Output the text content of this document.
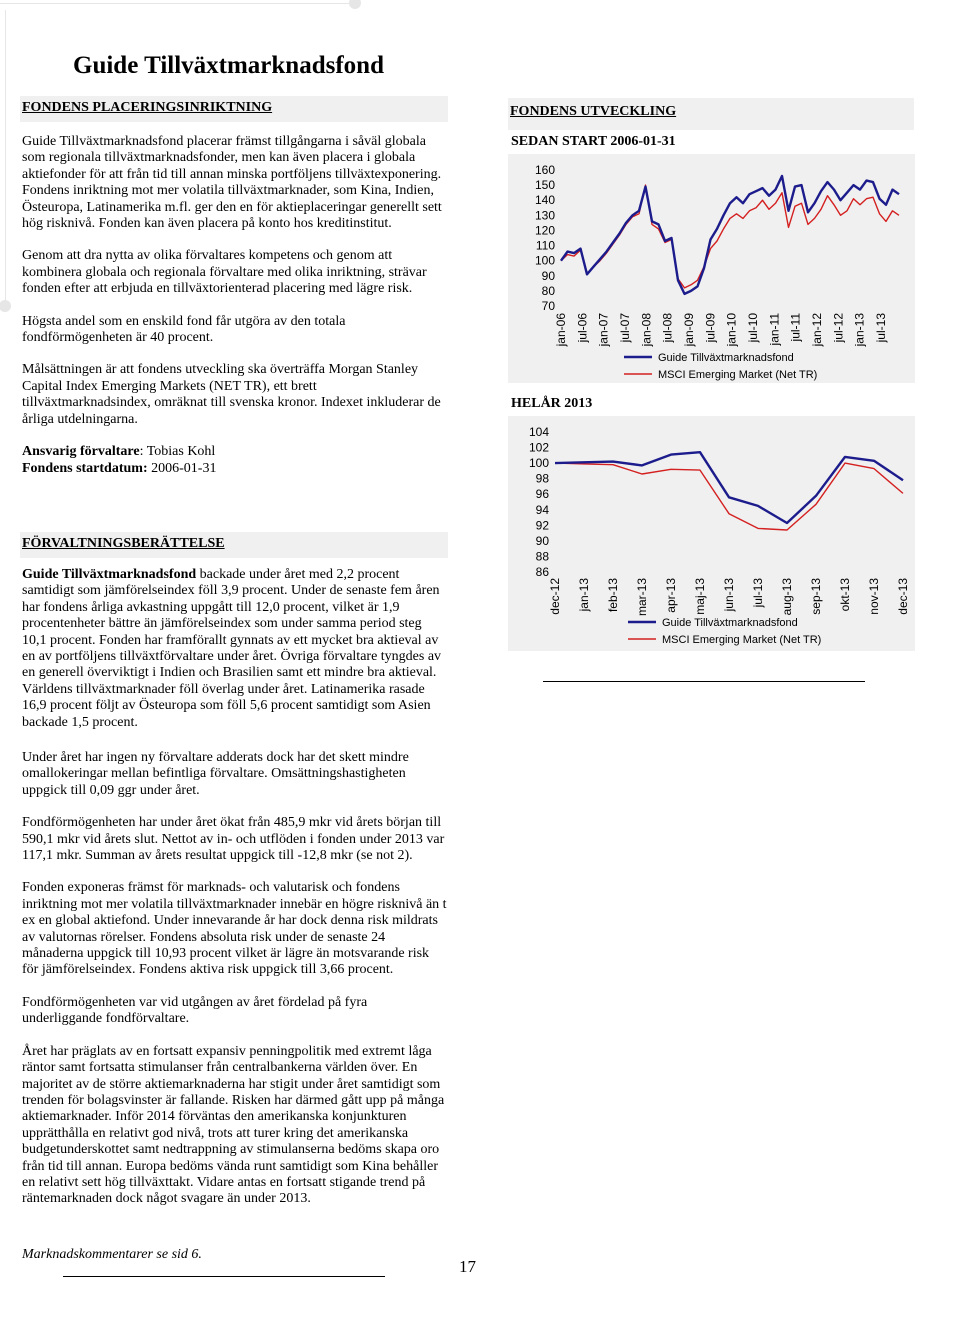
Guide Tillväxtmarknadsfond
FONDENS PLACERINGSINRIKTNING

Guide Tillväxtmarknadsfond placerar främst tillgångarna i såväl globala som regionala tillväxtmarknadsfonder, men kan även placera i globala aktiefonder för att från tid till annan minska portföljens tillväxtexponering. Fondens inriktning mot mer volatila tillväxtmarknader, som Kina, Indien, Östeuropa, Latinamerika m.fl. ger den en för aktieplaceringar generellt sett hög risknivå. Fonden kan även placera på konto hos kreditinstitut.

Genom att dra nytta av olika förvaltares kompetens och genom att kombinera globala och regionala förvaltare med olika inriktning, strävar fonden efter att erbjuda en tillväxtorienterad placering med lägre risk.

Högsta andel som en enskild fond får utgöra av den totala fondförmögenheten är 40 procent.

Målsättningen är att fondens utveckling ska överträffa Morgan Stanley Capital Index Emerging Markets (NET TR), ett brett tillväxtmarknadsindex, omräknat till svenska kronor. Indexet inkluderar de årliga utdelningarna.

Ansvarig förvaltare: Tobias Kohl
Fondens startdatum: 2006-01-31
FÖRVALTNINGSBERÄTTELSE

Guide Tillväxtmarknadsfond backade under året med 2,2 procent samtidigt som jämförelseindex föll 3,9 procent. Under de senaste fem åren har fondens årliga avkastning uppgått till 12,0 procent, vilket är 1,9 procentenheter bättre än jämförelseindex som under samma period steg 10,1 procent. Fonden har framförallt gynnats av ett mycket bra aktieval av en av portföljens tillväxtförvaltare under året. Övriga förvaltare tyngdes av en generell överviktigt i Indien och Brasilien samt ett mindre bra aktieval. Världens tillväxtmarknader föll överlag under året. Latinamerika rasade 16,9 procent följt av Östeuropa som föll 5,6 procent samtidigt som Asien backade 1,5 procent.

Under året har ingen ny förvaltare adderats dock har det skett mindre omallokeringar mellan befintliga förvaltare. Omsättningshastigheten uppgick till 0,09 ggr under året.

Fondförmögenheten har under året ökat från 485,9 mkr vid årets början till 590,1 mkr vid årets slut. Nettot av in- och utflöden i fonden under 2013 var 117,1 mkr. Summan av årets resultat uppgick till -12,8 mkr (se not 2).

Fonden exponeras främst för marknads- och valutarisk och fondens inriktning mot mer volatila tillväxtmarknader innebär en högre risknivå än t ex en global aktiefond. Under innevarande år har dock denna risk mildrats av valutornas rörelser. Fondens absoluta risk under de senaste 24 månaderna uppgick till 10,93 procent vilket är lägre än motsvarande risk för jämförelseindex. Fondens aktiva risk uppgick till 3,66 procent.

Fondförmögenheten var vid utgången av året fördelad på fyra underliggande fondförvaltare.

Året har präglats av en fortsatt expansiv penningpolitik med extremt låga räntor samt fortsatta stimulanser från centralbankerna världen över. En majoritet av de större aktiemarknaderna har stigit under året samtidigt som trenden för bolagsvinster är fallande. Risken har därmed gått upp på många aktiemarknader. Inför 2014 förväntas den amerikanska konjunkturen upprätthålla en relativt god nivå, trots att turer kring det amerikanska budgetunderskottet samt nedtrappning av stimulanserna bedöms skapa oro från tid till annan. Europa bedöms vända runt samtidigt som Kina behåller en relativt sett hög tillväxttakt. Vidare antas en fortsatt stigande trend på räntemarknaden dock något svagare än under 2013.

Marknadskommentarer se sid 6.
17
FONDENS UTVECKLING
SEDAN START 2006-01-31
160
150
140
130
120
110
100
90
80
70
jan-06 jul-06 jan-07 jul-07 jan-08 jul-08 jan-09 jul-09 jan-10 jul-10 jan-11 jul-11 jan-12 jul-12 jan-13 jul-13
Guide Tillväxtmarknadsfond
MSCI Emerging Market (Net TR)
HELÅR 2013
104
102
100
98
96
94
92
90
88
86
dec-12 jan-13 feb-13 mar-13 apr-13 maj-13 jun-13 jul-13 aug-13 sep-13 okt-13 nov-13 dec-13
Guide Tillväxtmarknadsfond
MSCI Emerging Market (Net TR)
